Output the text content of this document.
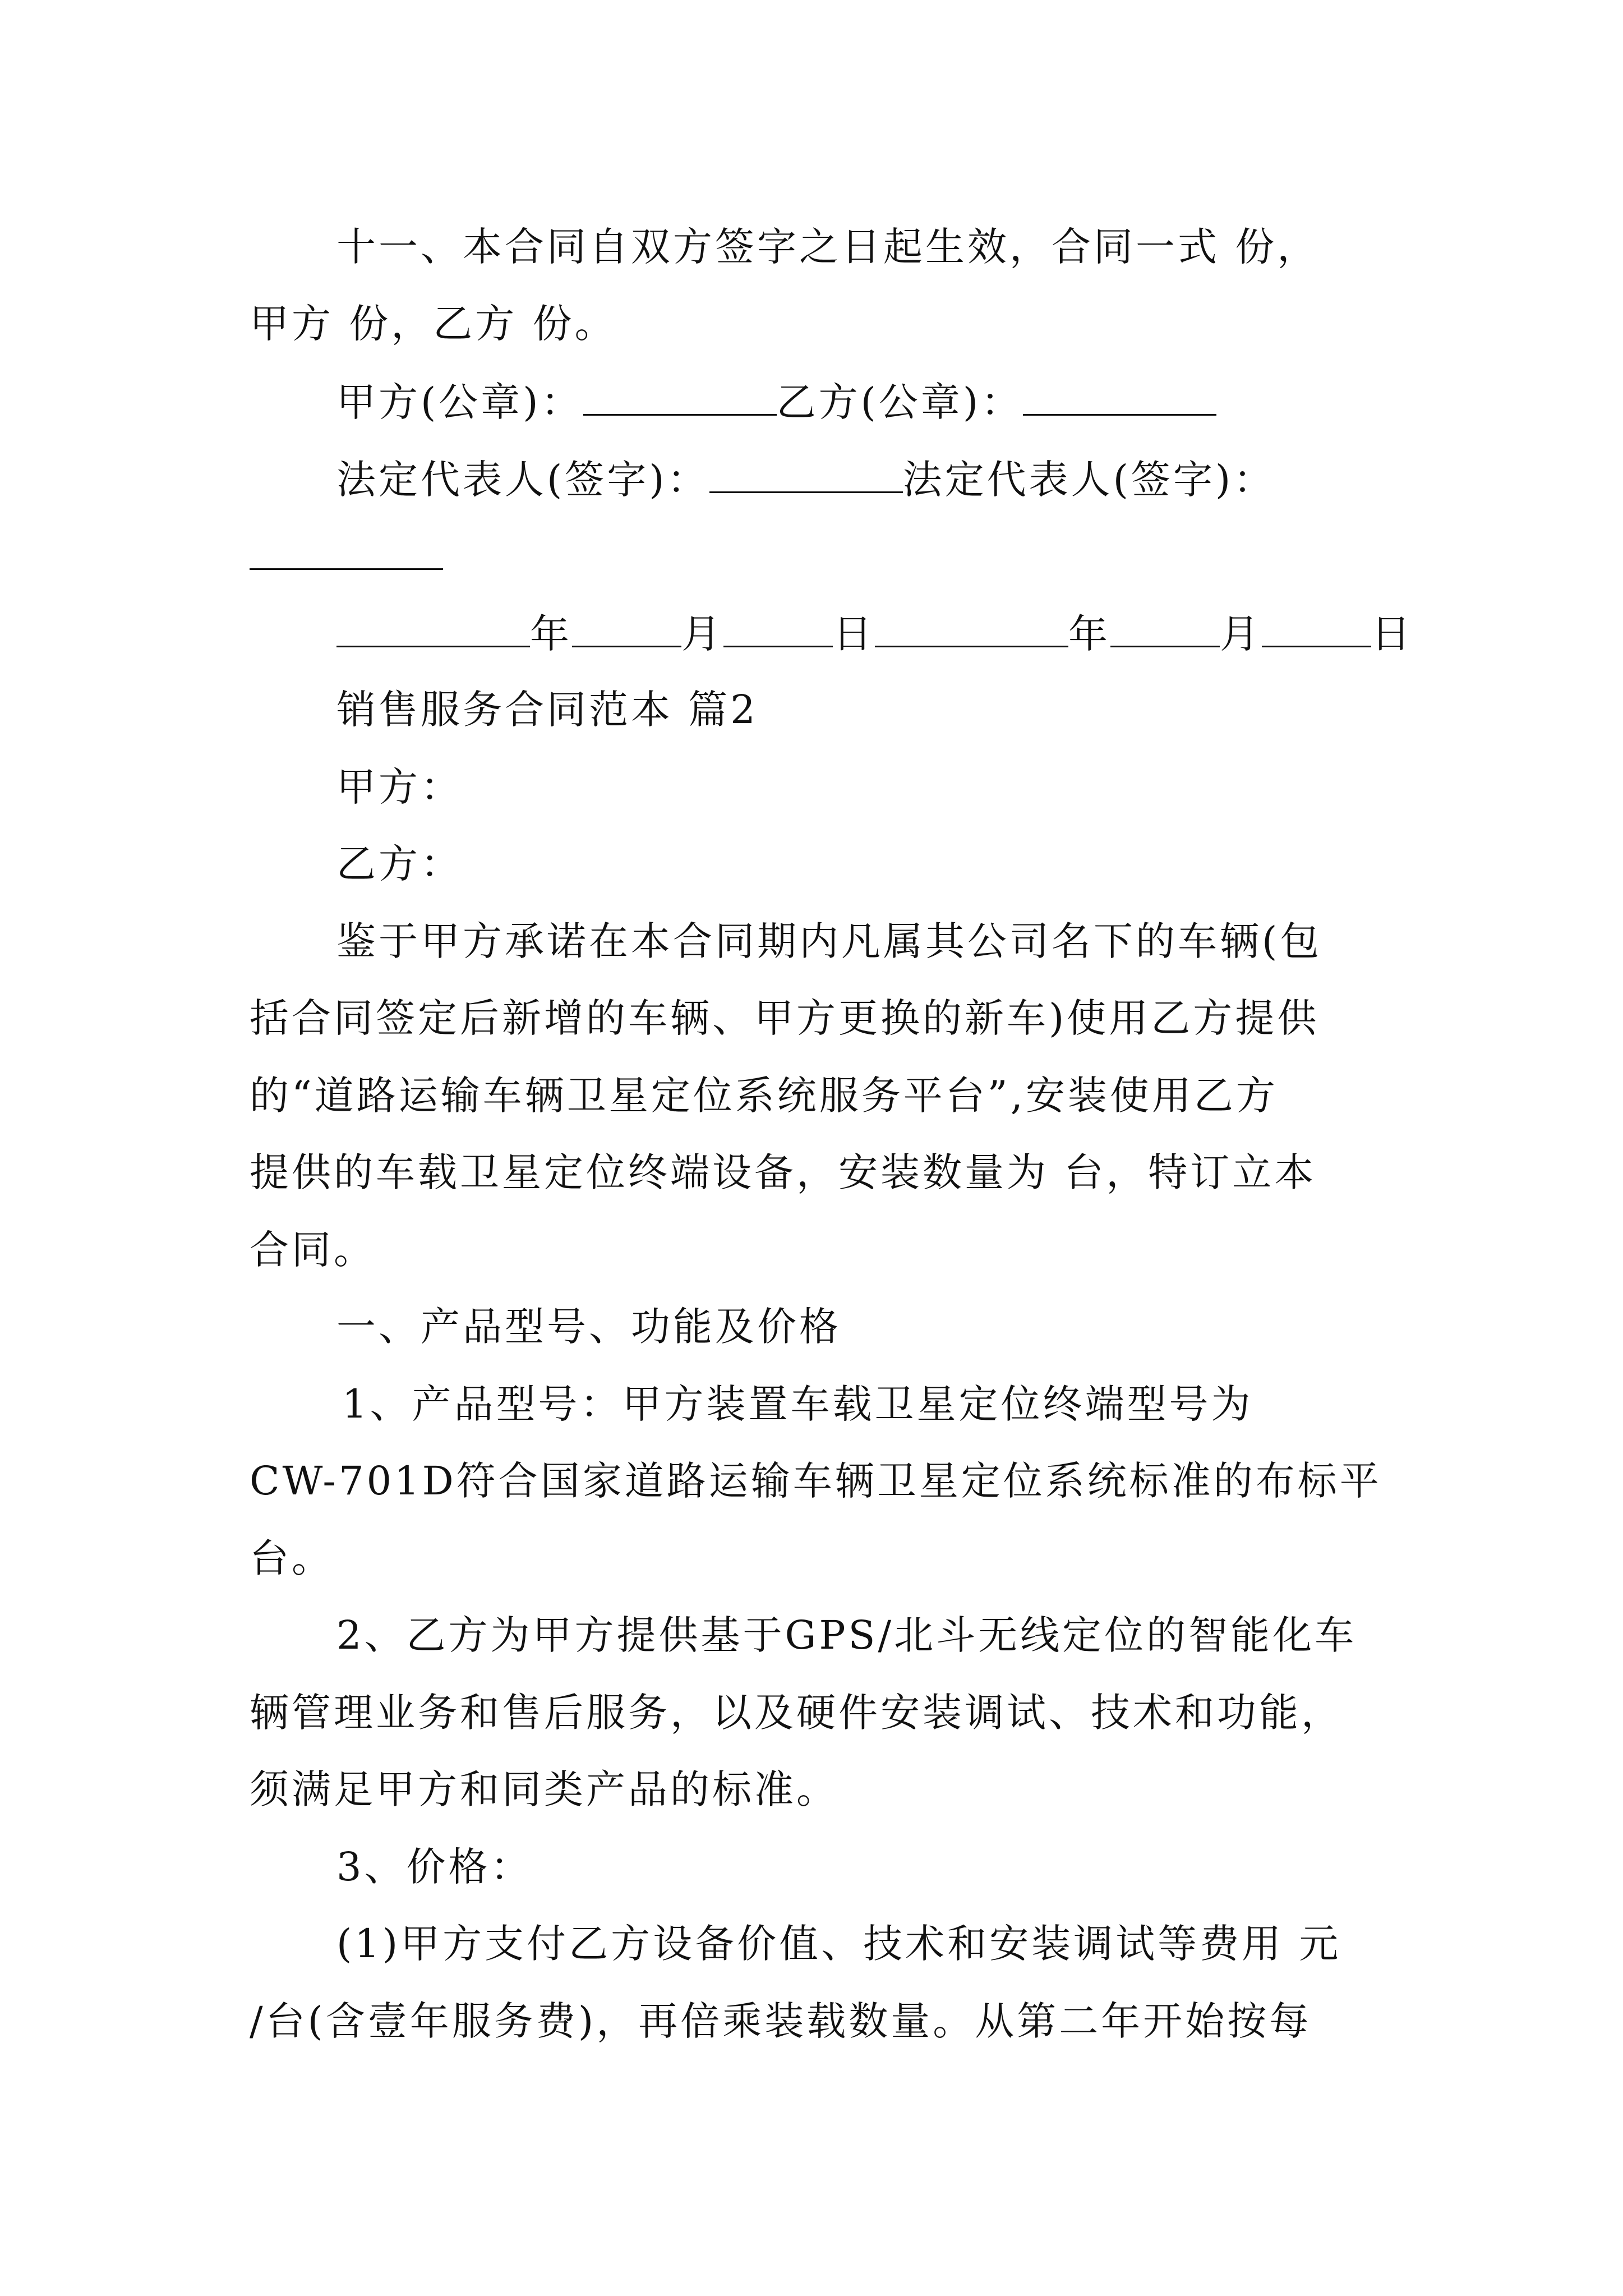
十一、本合同自双方签字之日起生效，合同一式 份，
甲方 份，乙方 份。
甲方(公章)：	乙方(公章)：
法定代表人(签字)：	法定代表人(签字)：
年	月	日	年	月	日
销售服务合同范本 篇2
甲方：
乙方：
鉴于甲方承诺在本合同期内凡属其公司名下的车辆(包
括合同签定后新增的车辆、甲方更换的新车)使用乙方提供
的“道路运输车辆卫星定位系统服务平台”,安装使用乙方
提供的车载卫星定位终端设备，安装数量为 台，特订立本
合同。
一、产品型号、功能及价格
1、产品型号：甲方装置车载卫星定位终端型号为
CW-701D符合国家道路运输车辆卫星定位系统标准的布标平
台。
2、乙方为甲方提供基于GPS/北斗无线定位的智能化车
辆管理业务和售后服务，以及硬件安装调试、技术和功能，
须满足甲方和同类产品的标准。
3、价格：
(1)甲方支付乙方设备价值、技术和安装调试等费用 元
/台(含壹年服务费)，再倍乘装载数量。从第二年开始按每
